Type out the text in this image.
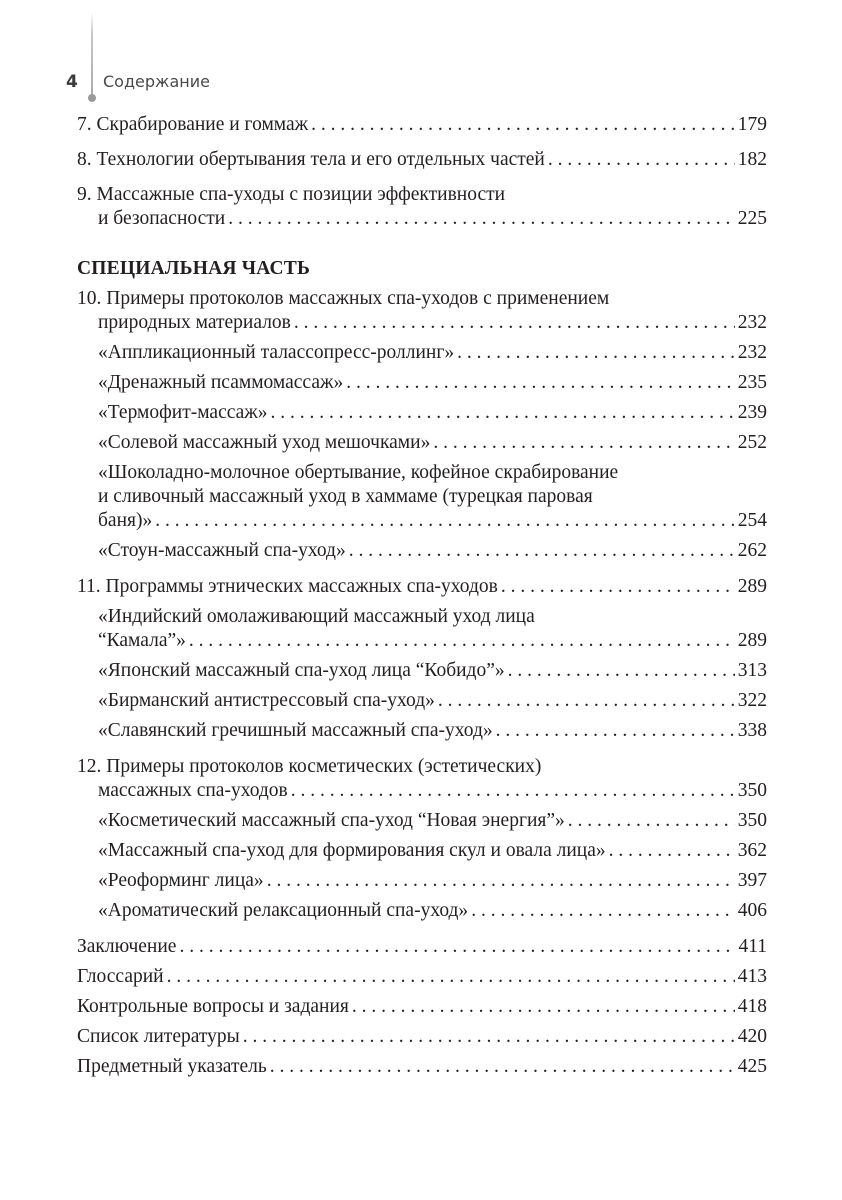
4 Содержание
7. Скрабирование и гоммаж . . .	179
8. Технологии обертывания тела и его отдельных частей . . .	182
9. Массажные спа-уходы с позиции эффективности
и безопасности . . .	225
СПЕЦИАЛЬНАЯ ЧАСТЬ
10. Примеры протоколов массажных спа-уходов с применением
природных материалов . . .	232
«Аппликационный талассопресс-роллинг» . . .	232
«Дренажный псаммомассаж» . . .	235
«Термофит-массаж» . . .	239
«Солевой массажный уход мешочками» . . .	252
«Шоколадно-молочное обертывание, кофейное скрабирование
и сливочный массажный уход в хаммаме (турецкая паровая
баня)» . . .	254
«Стоун-массажный спа-уход» . . .	262
11. Программы этнических массажных спа-уходов . . .	289
«Индийский омолаживающий массажный уход лица
“Камала”» . . .	289
«Японский массажный спа-уход лица “Кобидо”» . . .	313
«Бирманский антистрессовый спа-уход» . . .	322
«Славянский гречишный массажный спа-уход» . . .	338
12. Примеры протоколов косметических (эстетических)
массажных спа-уходов . . .	350
«Косметический массажный спа-уход “Новая энергия”» . . .	350
«Массажный спа-уход для формирования скул и овала лица» . . .	362
«Реоформинг лица» . . .	397
«Ароматический релаксационный спа-уход» . . .	406
Заключение . . .	411
Глоссарий . . .	413
Контрольные вопросы и задания . . .	418
Список литературы . . .	420
Предметный указатель . . .	425
